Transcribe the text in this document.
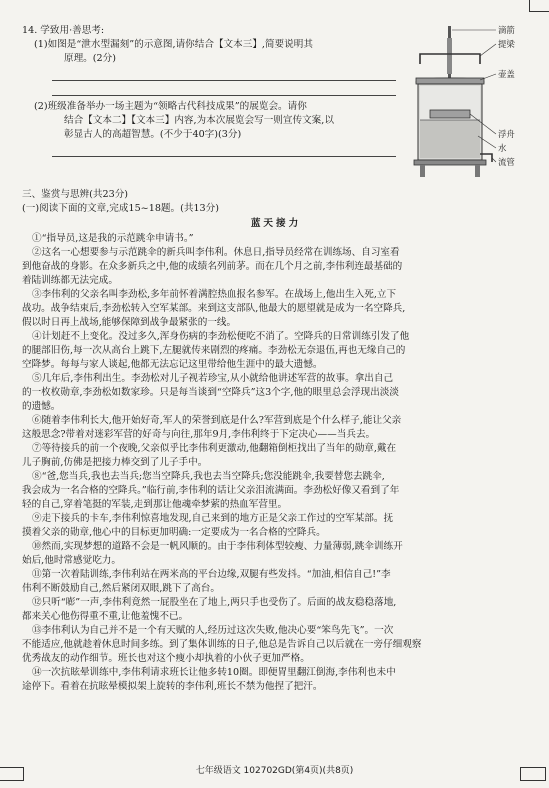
14. 学致用·善思考:
(1)如图是“泄水型漏刻”的示意图,请你结合【文本三】,简要说明其
原理。(2分)
(2)班级准备举办一场主题为“领略古代科技成果”的展览会。请你
结合【文本二】【文本三】内容,为本次展览会写一则宣传文案,以
彰显古人的高超智慧。(不少于40字)(3分)
滴箭
提梁
壶盖
浮舟
水
流管
三、鉴赏与思辨(共23分)
(一)阅读下面的文章,完成15~18题。(共13分)
蓝天接力
①“指导员,这是我的示范跳伞申请书。”
②这名一心想要参与示范跳伞的新兵叫李伟利。休息日,指导员经常在训练场、自习室看
到他奋战的身影。在众多新兵之中,他的成绩名列前茅。而在几个月之前,李伟利连最基础的
着陆训练都无法完成。
③李伟利的父亲名叫李劲松,多年前怀着满腔热血报名参军。在战场上,他出生入死,立下
战功。战争结束后,李劲松转入空军某部。来到这支部队,他最大的愿望就是成为一名空降兵,
假以时日再上战场,能够保障到战争最紧张的一线。
④计划赶不上变化。没过多久,浑身伤病的李劲松便吃不消了。空降兵的日常训练引发了他
的腿部旧伤,每一次从高台上跳下,左腿就传来剧烈的疼痛。李劲松无奈退伍,再也无缘自己的
空降梦。每每与家人谈起,他都无法忘记这里带给他生涯中的最大遗憾。
⑤几年后,李伟利出生。李劲松对儿子视若珍宝,从小就给他讲述军营的故事。拿出自己
的一枚枚勋章,李劲松如数家珍。只是每当谈到“空降兵”这3个字,他的眼里总会浮现出淡淡
的遗憾。
⑥随着李伟利长大,他开始好奇,军人的荣誉到底是什么?军营到底是个什么样子,能让父亲
这般思念?带着对迷彩军营的好奇与向往,那年9月,李伟利终于下定决心——当兵去。
⑦等待接兵的前一个夜晚,父亲似乎比李伟利更激动,他翻箱倒柜找出了当年的勋章,戴在
儿子胸前,仿佛是把接力棒交到了儿子手中。
⑧“爸,您当兵,我也去当兵;您当空降兵,我也去当空降兵;您没能跳伞,我要替您去跳伞,
我会成为一名合格的空降兵。”临行前,李伟利的话让父亲泪流满面。李劲松好像又看到了年
轻的自己,穿着笔挺的军装,走到那让他魂牵梦萦的热血军营里。
⑨走下接兵的卡车,李伟利惊喜地发现,自己来到的地方正是父亲工作过的空军某部。抚
摸着父亲的勋章,他心中的目标更加明确:一定要成为一名合格的空降兵。
⑩然而,实现梦想的道路不会是一帆风顺的。由于李伟利体型较瘦、力量薄弱,跳伞训练开
始后,他时常感觉吃力。
⑪第一次着陆训练,李伟利站在两米高的平台边缘,双腿有些发抖。“加油,相信自己!”李
伟利不断鼓励自己,然后紧闭双眼,跳下了高台。
⑫只听“嘭”一声,李伟利竟然一屁股坐在了地上,两只手也受伤了。后面的战友稳稳落地,
都来关心他伤得重不重,让他羞愧不已。
⑬李伟利认为自己并不是一个有天赋的人,经历过这次失败,他决心要“笨鸟先飞”。一次
不能适应,他就趁着休息时间多练。到了集体训练的日子,他总是告诉自己以后就在一旁仔细观察
优秀战友的动作细节。班长也对这个瘦小却执着的小伙子更加严格。
⑭一次抗眩晕训练中,李伟利请求班长让他多转10圈。即便胃里翻江倒海,李伟利也未中
途停下。看着在抗眩晕模拟架上旋转的李伟利,班长不禁为他捏了把汗。
七年级语文 102702GD(第4页)(共8页)
